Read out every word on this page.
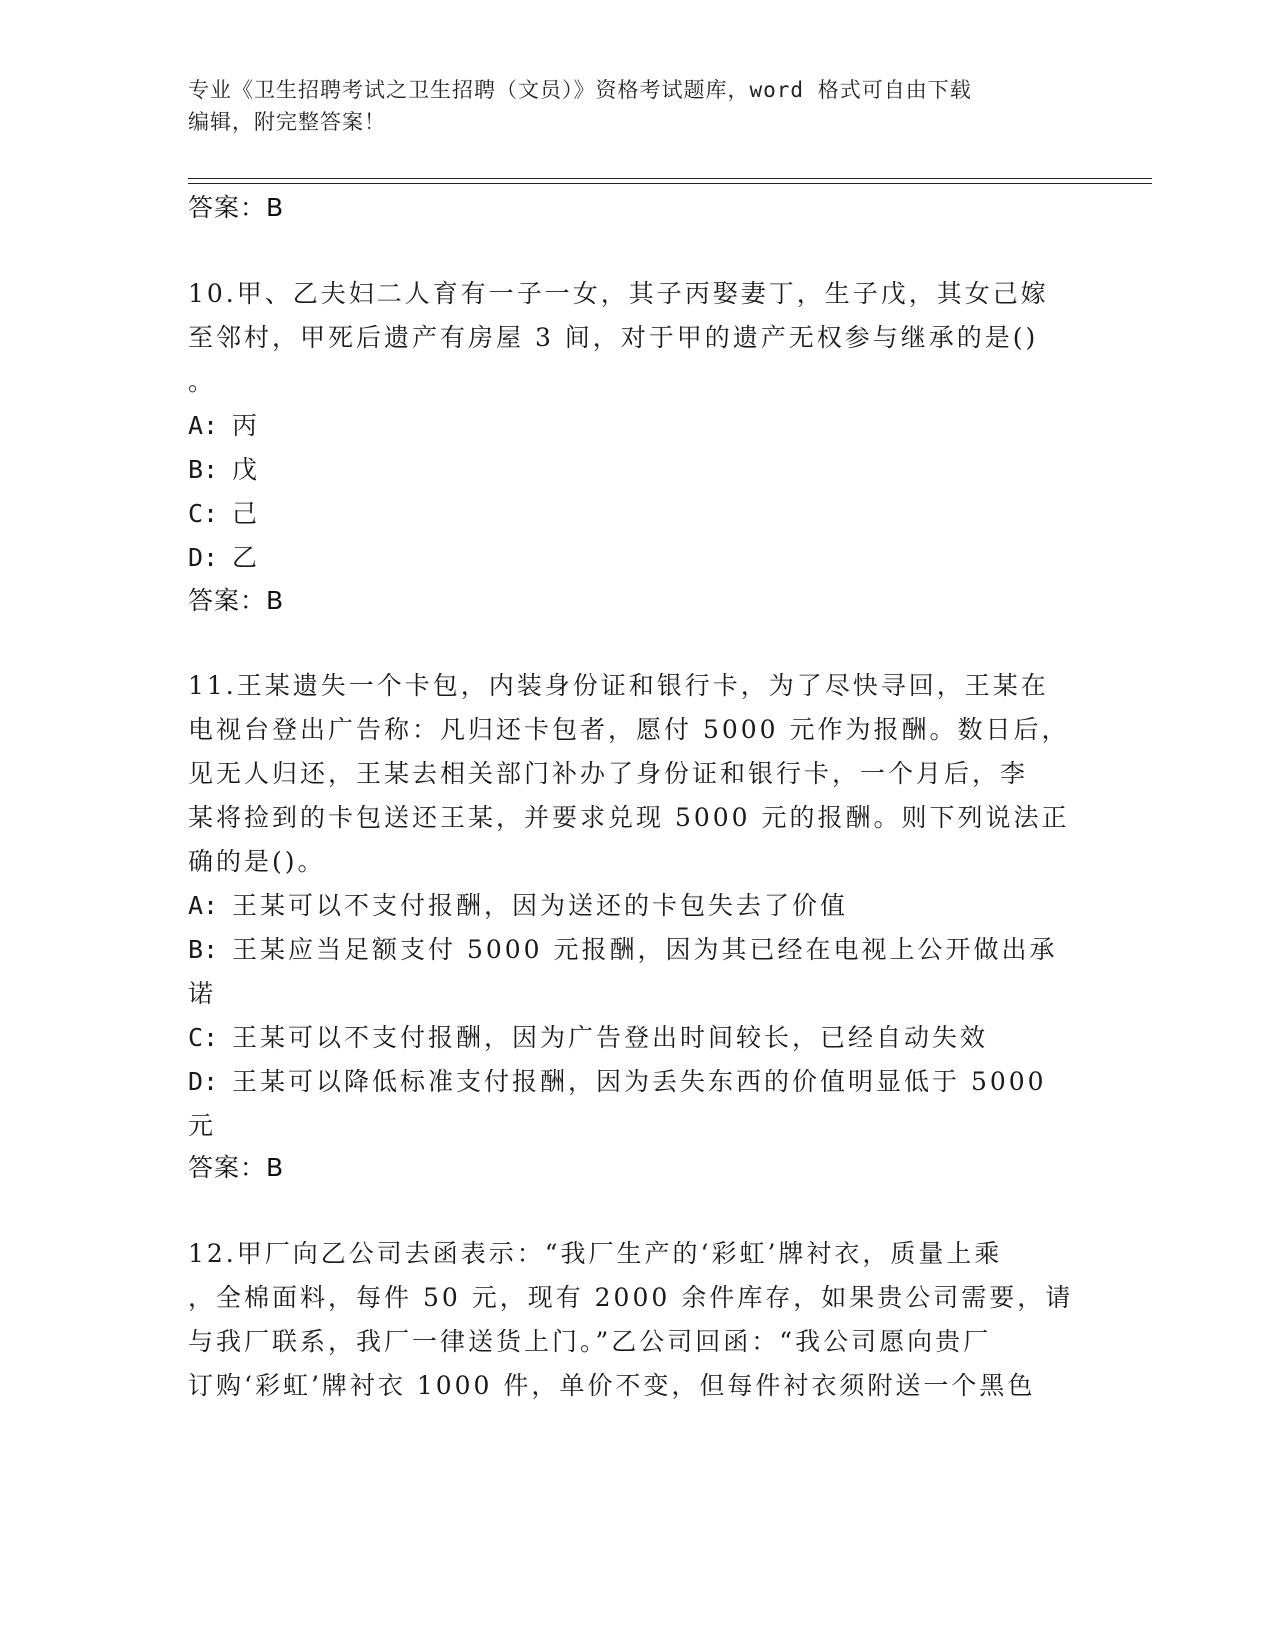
专业《卫生招聘考试之卫生招聘（文员）》资格考试题库，word 格式可自由下载
编辑，附完整答案！
答案：B
10.甲、乙夫妇二人育有一子一女，其子丙娶妻丁，生子戊，其女己嫁
至邻村，甲死后遗产有房屋 3 间，对于甲的遗产无权参与继承的是()
。
A: 丙
B: 戊
C: 己
D: 乙
答案：B
11.王某遗失一个卡包，内装身份证和银行卡，为了尽快寻回，王某在
电视台登出广告称：凡归还卡包者，愿付 5000 元作为报酬。数日后，
见无人归还，王某去相关部门补办了身份证和银行卡，一个月后，李
某将捡到的卡包送还王某，并要求兑现 5000 元的报酬。则下列说法正
确的是()。
A: 王某可以不支付报酬，因为送还的卡包失去了价值
B: 王某应当足额支付 5000 元报酬，因为其已经在电视上公开做出承
诺
C: 王某可以不支付报酬，因为广告登出时间较长，已经自动失效
D: 王某可以降低标准支付报酬，因为丢失东西的价值明显低于 5000
元
答案：B
12.甲厂向乙公司去函表示：“我厂生产的‘彩虹’牌衬衣，质量上乘
，全棉面料，每件 50 元，现有 2000 余件库存，如果贵公司需要，请
与我厂联系，我厂一律送货上门。”乙公司回函：“我公司愿向贵厂
订购‘彩虹’牌衬衣 1000 件，单价不变，但每件衬衣须附送一个黑色
